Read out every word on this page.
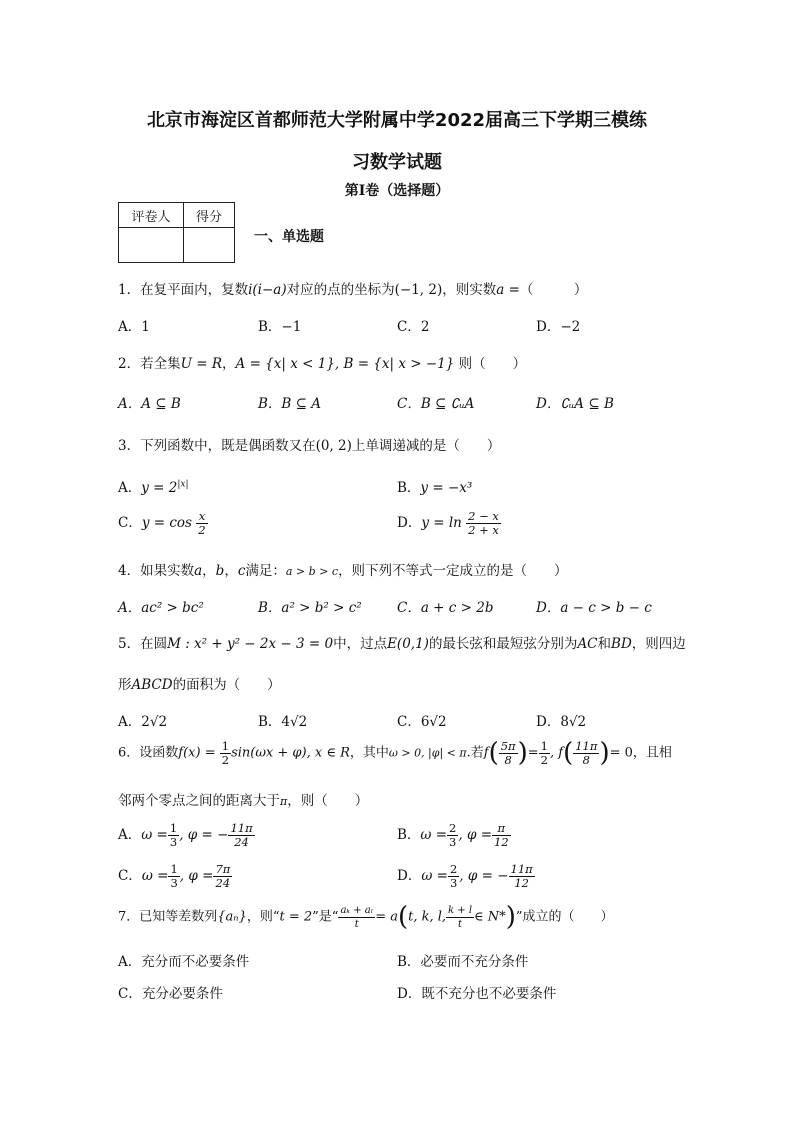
北京市海淀区首都师范大学附属中学2022届高三下学期三模练
习数学试题
第I卷（选择题）
评卷人	得分

一、单选题
1．在复平面内，复数i(i−a)对应的点的坐标为(−1, 2)，则实数a =（　　　）
A．1	B．−1	C．2	D．−2
2．若全集U = R，A = {x| x < 1}, B = {x| x > −1} 则（　　）
A．A ⊆ B	B．B ⊆ A	C．B ⊆ ∁ᵤA	D．∁ᵤA ⊆ B
3．下列函数中，既是偶函数又在(0, 2)上单调递减的是（　　）
A．$y = 2^{|x|}$	B．y = −x³
C．$y = \cos \frac{x}{2}$	D．$y = \ln \frac{2 - x}{2 + x}$
4．如果实数a，b，c满足：a > b > c，则下列不等式一定成立的是（　　）
A．ac² > bc²	B．a² > b² > c²	C．a + c > 2b	D．a − c > b − c
5．在圆M : x² + y² − 2x − 3 = 0中，过点E(0,1)的最长弦和最短弦分别为AC和BD，则四边
形ABCD的面积为（　　）
A．2√2	B．4√2	C．6√2	D．8√2
6．设函数$f(x) = \frac{1}{2} \sin(\omega x + \varphi)$, x ∈ R，其中ω > 0, |φ| < π.若$f( \frac{5\pi}{8}$ )= $\frac{1}{2}$ , $f( \frac{11\pi}{8}$ )= 0，且相
邻两个零点之间的距离大于π，则（　　）
A．$\omega = \frac{1}{3}$ , φ = − $\frac{11\pi}{24}$	B．$\omega = \frac{2}{3}$ , $\varphi = \frac{\pi}{12}$
C．$\omega = \frac{1}{3}$ , $\varphi = \frac{7\pi}{24}$	D．$\omega = \frac{2}{3}$ , φ = − $\frac{11\pi}{12}$
7．已知等差数列{aₙ}，则“t = 2”是“ $\frac{\text{aₖ + aₗ}}{t} = a(t$, k, l, $\frac{k + l}{t}$ ∈ N*)”成立的（　　）
A．充分而不必要条件	B．必要而不充分条件
C．充分必要条件	D．既不充分也不必要条件
